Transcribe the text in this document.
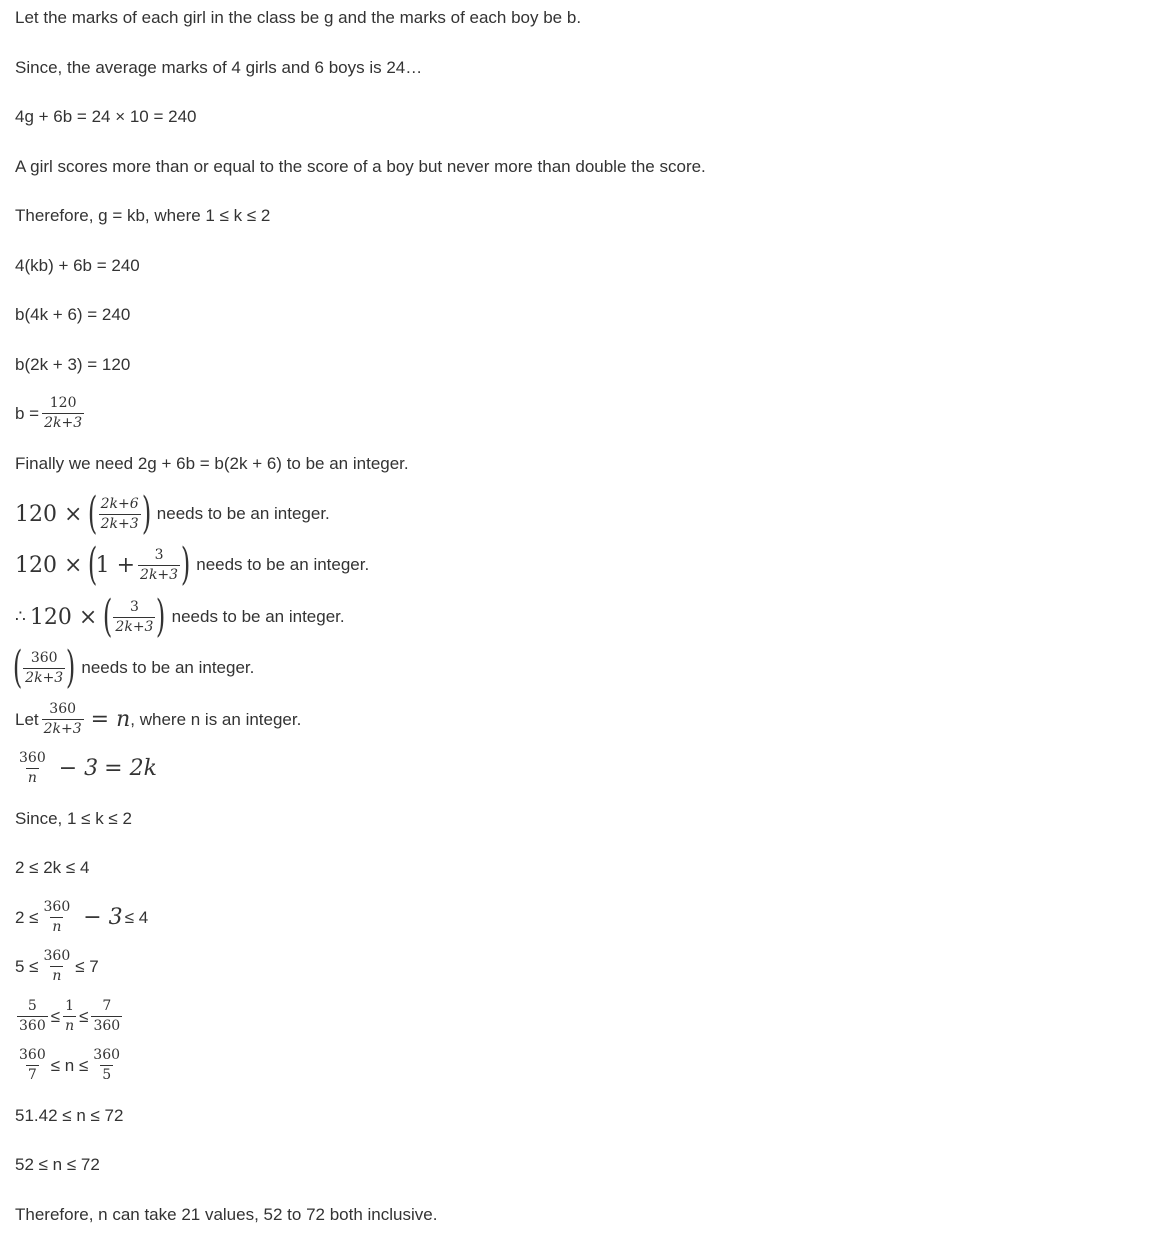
Let the marks of each girl in the class be g and the marks of each boy be b.
Since, the average marks of 4 girls and 6 boys is 24…
4g + 6b = 24 × 10 = 240
A girl scores more than or equal to the score of a boy but never more than double the score.
Therefore, g = kb, where 1 ≤ k ≤ 2
4(kb) + 6b = 240
b(4k + 6) = 240
b(2k + 3) = 120
$b = \frac{120}{2k+3}$
Finally we need 2g + 6b = b(2k + 6) to be an integer.
120 × ( $\frac{2k+6}{2k+3}$ ) needs to be an integer.
120 × (
$1 + \frac{3}{2k+3}$ ) needs to be an integer.
∴ 120 × ( $\frac{3}{2k+3}$ ) needs to be an integer.
( $\frac{360}{2k+3}$ ) needs to be an integer.
Let $\frac{360}{2k+3} = n$ , where n is an integer.
$\frac{360}{n} - 3 = 2k$
Since, 1 ≤ k ≤ 2
2 ≤ 2k ≤ 4
$2 \le \frac{360}{n} - 3 \le 4$
$5 \le \frac{360}{n} \le 7$
$\frac{5}{360} \le \frac{1}{n} \le \frac{7}{360}$
$\frac{360}{7} \le n \le \frac{360}{5}$
51.42 ≤ n ≤ 72
52 ≤ n ≤ 72
Therefore, n can take 21 values, 52 to 72 both inclusive.
